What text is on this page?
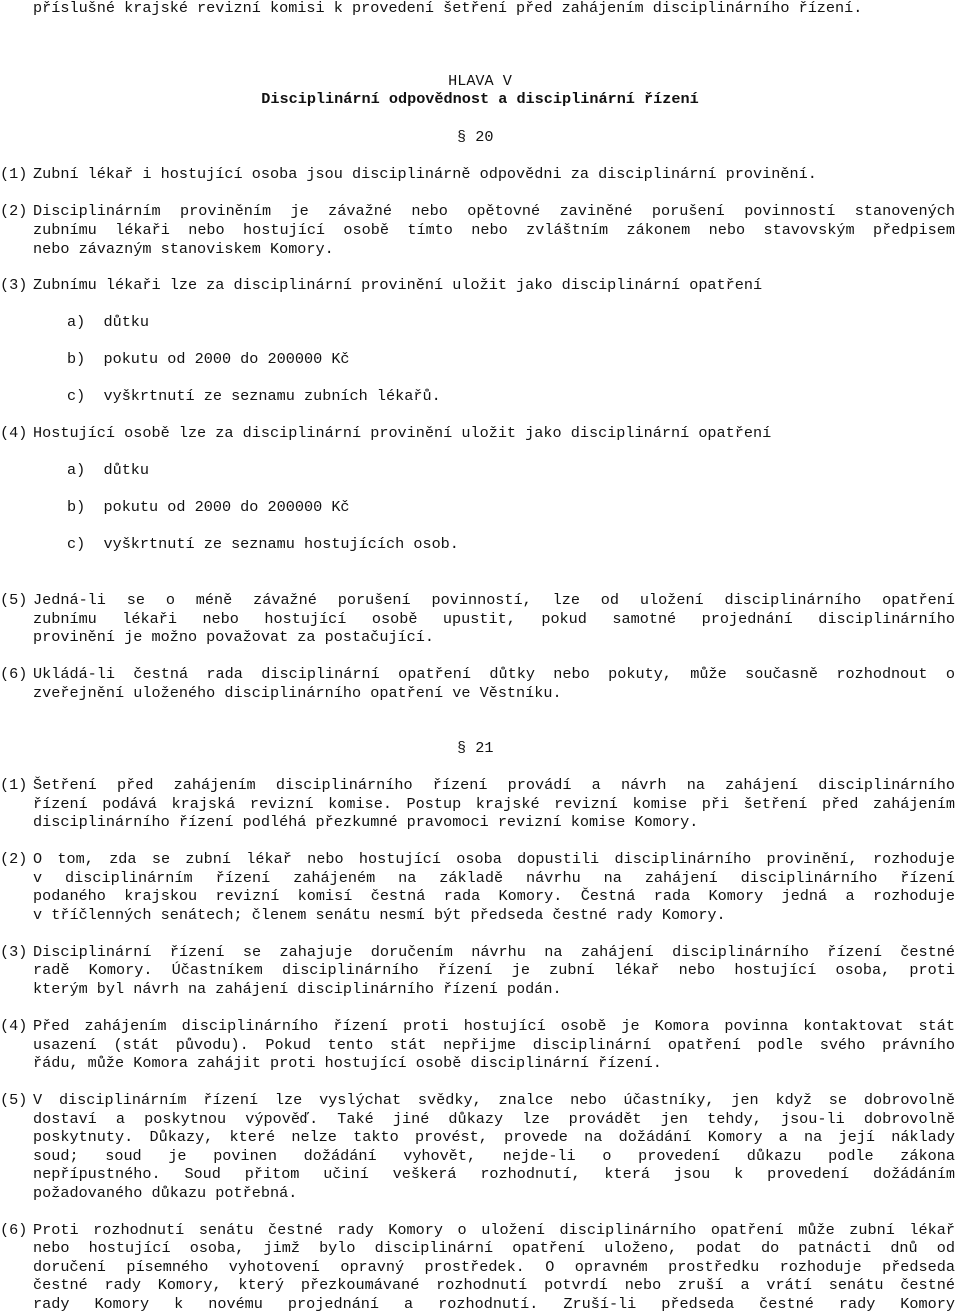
příslušné krajské revizní komisi k provedení šetření před zahájením disciplinárního řízení.
HLAVA V
Disciplinární odpovědnost a disciplinární řízení
§ 20
(1) Zubní lékař i hostující osoba jsou disciplinárně odpovědni za disciplinární provinění.
(2) Disciplinárním proviněním je závažné nebo opětovné zaviněné porušení povinností stanovených
zubnímu lékaři nebo hostující osobě tímto nebo zvláštním zákonem nebo stavovským předpisem
nebo závazným stanoviskem Komory.
(3) Zubnímu lékaři lze za disciplinární provinění uložit jako disciplinární opatření
a) důtku
b) pokutu od 2000 do 200000 Kč
c) vyškrtnutí ze seznamu zubních lékařů.
(4) Hostující osobě lze za disciplinární provinění uložit jako disciplinární opatření
a) důtku
b) pokutu od 2000 do 200000 Kč
c) vyškrtnutí ze seznamu hostujících osob.
(5) Jedná-li se o méně závažné porušení povinností, lze od uložení disciplinárního opatření
zubnímu lékaři nebo hostující osobě upustit, pokud samotné projednání disciplinárního
provinění je možno považovat za postačující.
(6) Ukládá-li čestná rada disciplinární opatření důtky nebo pokuty, může současně rozhodnout o
zveřejnění uloženého disciplinárního opatření ve Věstníku.
§ 21
(1) Šetření před zahájením disciplinárního řízení provádí a návrh na zahájení disciplinárního
řízení podává krajská revizní komise. Postup krajské revizní komise při šetření před zahájením
disciplinárního řízení podléhá přezkumné pravomoci revizní komise Komory.
(2) O tom, zda se zubní lékař nebo hostující osoba dopustili disciplinárního provinění, rozhoduje
v disciplinárním řízení zahájeném na základě návrhu na zahájení disciplinárního řízení
podaného krajskou revizní komisí čestná rada Komory. Čestná rada Komory jedná a rozhoduje
v tříčlenných senátech; členem senátu nesmí být předseda čestné rady Komory.
(3) Disciplinární řízení se zahajuje doručením návrhu na zahájení disciplinárního řízení čestné
radě Komory. Účastníkem disciplinárního řízení je zubní lékař nebo hostující osoba, proti
kterým byl návrh na zahájení disciplinárního řízení podán.
(4) Před zahájením disciplinárního řízení proti hostující osobě je Komora povinna kontaktovat stát
usazení (stát původu). Pokud tento stát nepřijme disciplinární opatření podle svého právního
řádu, může Komora zahájit proti hostující osobě disciplinární řízení.
(5) V disciplinárním řízení lze vyslýchat svědky, znalce nebo účastníky, jen když se dobrovolně
dostaví a poskytnou výpověď. Také jiné důkazy lze provádět jen tehdy, jsou-li dobrovolně
poskytnuty. Důkazy, které nelze takto provést, provede na dožádání Komory a na její náklady
soud; soud je povinen dožádání vyhovět, nejde-li o provedení důkazu podle zákona
nepřípustného. Soud přitom učiní veškerá rozhodnutí, která jsou k provedení dožádáním
požadovaného důkazu potřebná.
(6) Proti rozhodnutí senátu čestné rady Komory o uložení disciplinárního opatření může zubní lékař
nebo hostující osoba, jimž bylo disciplinární opatření uloženo, podat do patnácti dnů od
doručení písemného vyhotovení opravný prostředek. O opravném prostředku rozhoduje předseda
čestné rady Komory, který přezkoumávané rozhodnutí potvrdí nebo zruší a vrátí senátu čestné
rady Komory k novému projednání a rozhodnutí. Zruší-li předseda čestné rady Komory
